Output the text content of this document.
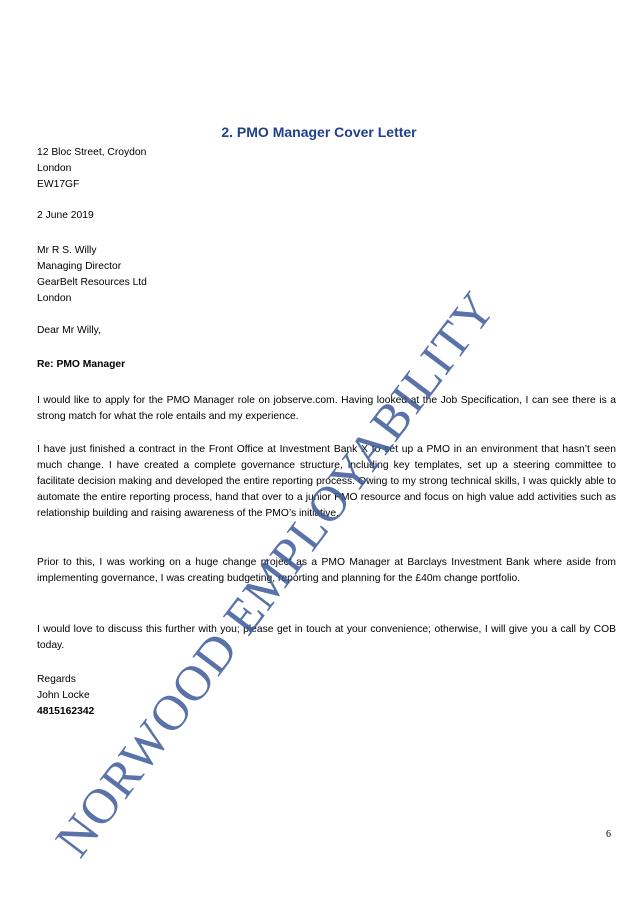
2. PMO Manager Cover Letter
12 Bloc Street, Croydon
London
EW17GF
2 June 2019
Mr R S. Willy
Managing Director
GearBelt Resources Ltd
London
Dear Mr Willy,
Re: PMO Manager
I would like to apply for the PMO Manager role on jobserve.com. Having looked at the Job Specification, I can see there is a strong match for what the role entails and my experience.
I have just finished a contract in the Front Office at Investment Bank X to set up a PMO in an environment that hasn’t seen much change. I have created a complete governance structure, including key templates, set up a steering committee to facilitate decision making and developed the entire reporting process. Owing to my strong technical skills, I was quickly able to automate the entire reporting process, hand that over to a junior PMO resource and focus on high value add activities such as relationship building and raising awareness of the PMO’s initiative.
Prior to this, I was working on a huge change project as a PMO Manager at Barclays Investment Bank where aside from implementing governance, I was creating budgeting, reporting and planning for the £40m change portfolio.
I would love to discuss this further with you; please get in touch at your convenience; otherwise, I will give you a call by COB today.
Regards
John Locke
4815162342
6
NORWOOD EMPLOYABILITY
